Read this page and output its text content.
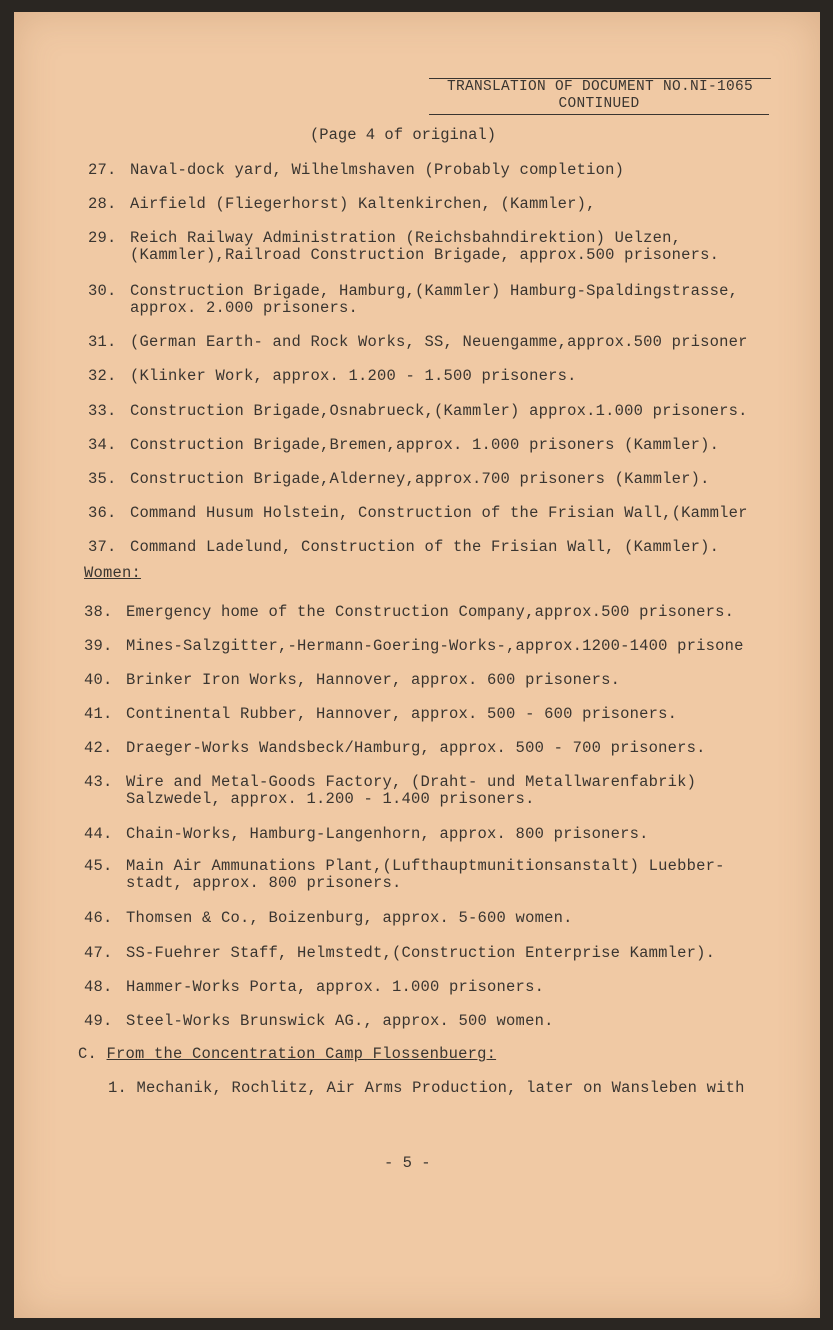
TRANSLATION OF DOCUMENT NO.NI-1065
CONTINUED
(Page 4 of original)
27. Naval-dock yard, Wilhelmshaven (Probably completion)
28. Airfield (Fliegerhorst) Kaltenkirchen, (Kammler),
29. Reich Railway Administration (Reichsbahndirektion) Uelzen,
(Kammler),Railroad Construction Brigade, approx.500 prisoners.
30. Construction Brigade, Hamburg,(Kammler) Hamburg-Spaldingstrasse,
approx. 2.000 prisoners.
31. (German Earth- and Rock Works, SS, Neuengamme,approx.500 prisoner
32. (Klinker Work, approx. 1.200 - 1.500 prisoners.
33. Construction Brigade,Osnabrueck,(Kammler) approx.1.000 prisoners.
34. Construction Brigade,Bremen,approx. 1.000 prisoners (Kammler).
35. Construction Brigade,Alderney,approx.700 prisoners (Kammler).
36. Command Husum Holstein, Construction of the Frisian Wall,(Kammler
37. Command Ladelund, Construction of the Frisian Wall, (Kammler).
Women:
38. Emergency home of the Construction Company,approx.500 prisoners.
39. Mines-Salzgitter,-Hermann-Goering-Works-,approx.1200-1400 prisone
40. Brinker Iron Works, Hannover, approx. 600 prisoners.
41. Continental Rubber, Hannover, approx. 500 - 600 prisoners.
42. Draeger-Works Wandsbeck/Hamburg, approx. 500 - 700 prisoners.
43. Wire and Metal-Goods Factory, (Draht- und Metallwarenfabrik)
Salzwedel, approx. 1.200 - 1.400 prisoners.
44. Chain-Works, Hamburg-Langenhorn, approx. 800 prisoners.
45. Main Air Ammunations Plant,(Lufthauptmunitionsanstalt) Luebber-
stadt, approx. 800 prisoners.
46. Thomsen & Co., Boizenburg, approx. 5-600 women.
47. SS-Fuehrer Staff, Helmstedt,(Construction Enterprise Kammler).
48. Hammer-Works Porta, approx. 1.000 prisoners.
49. Steel-Works Brunswick AG., approx. 500 women.
C. From the Concentration Camp Flossenbuerg:
1. Mechanik, Rochlitz, Air Arms Production, later on Wansleben with
- 5 -
